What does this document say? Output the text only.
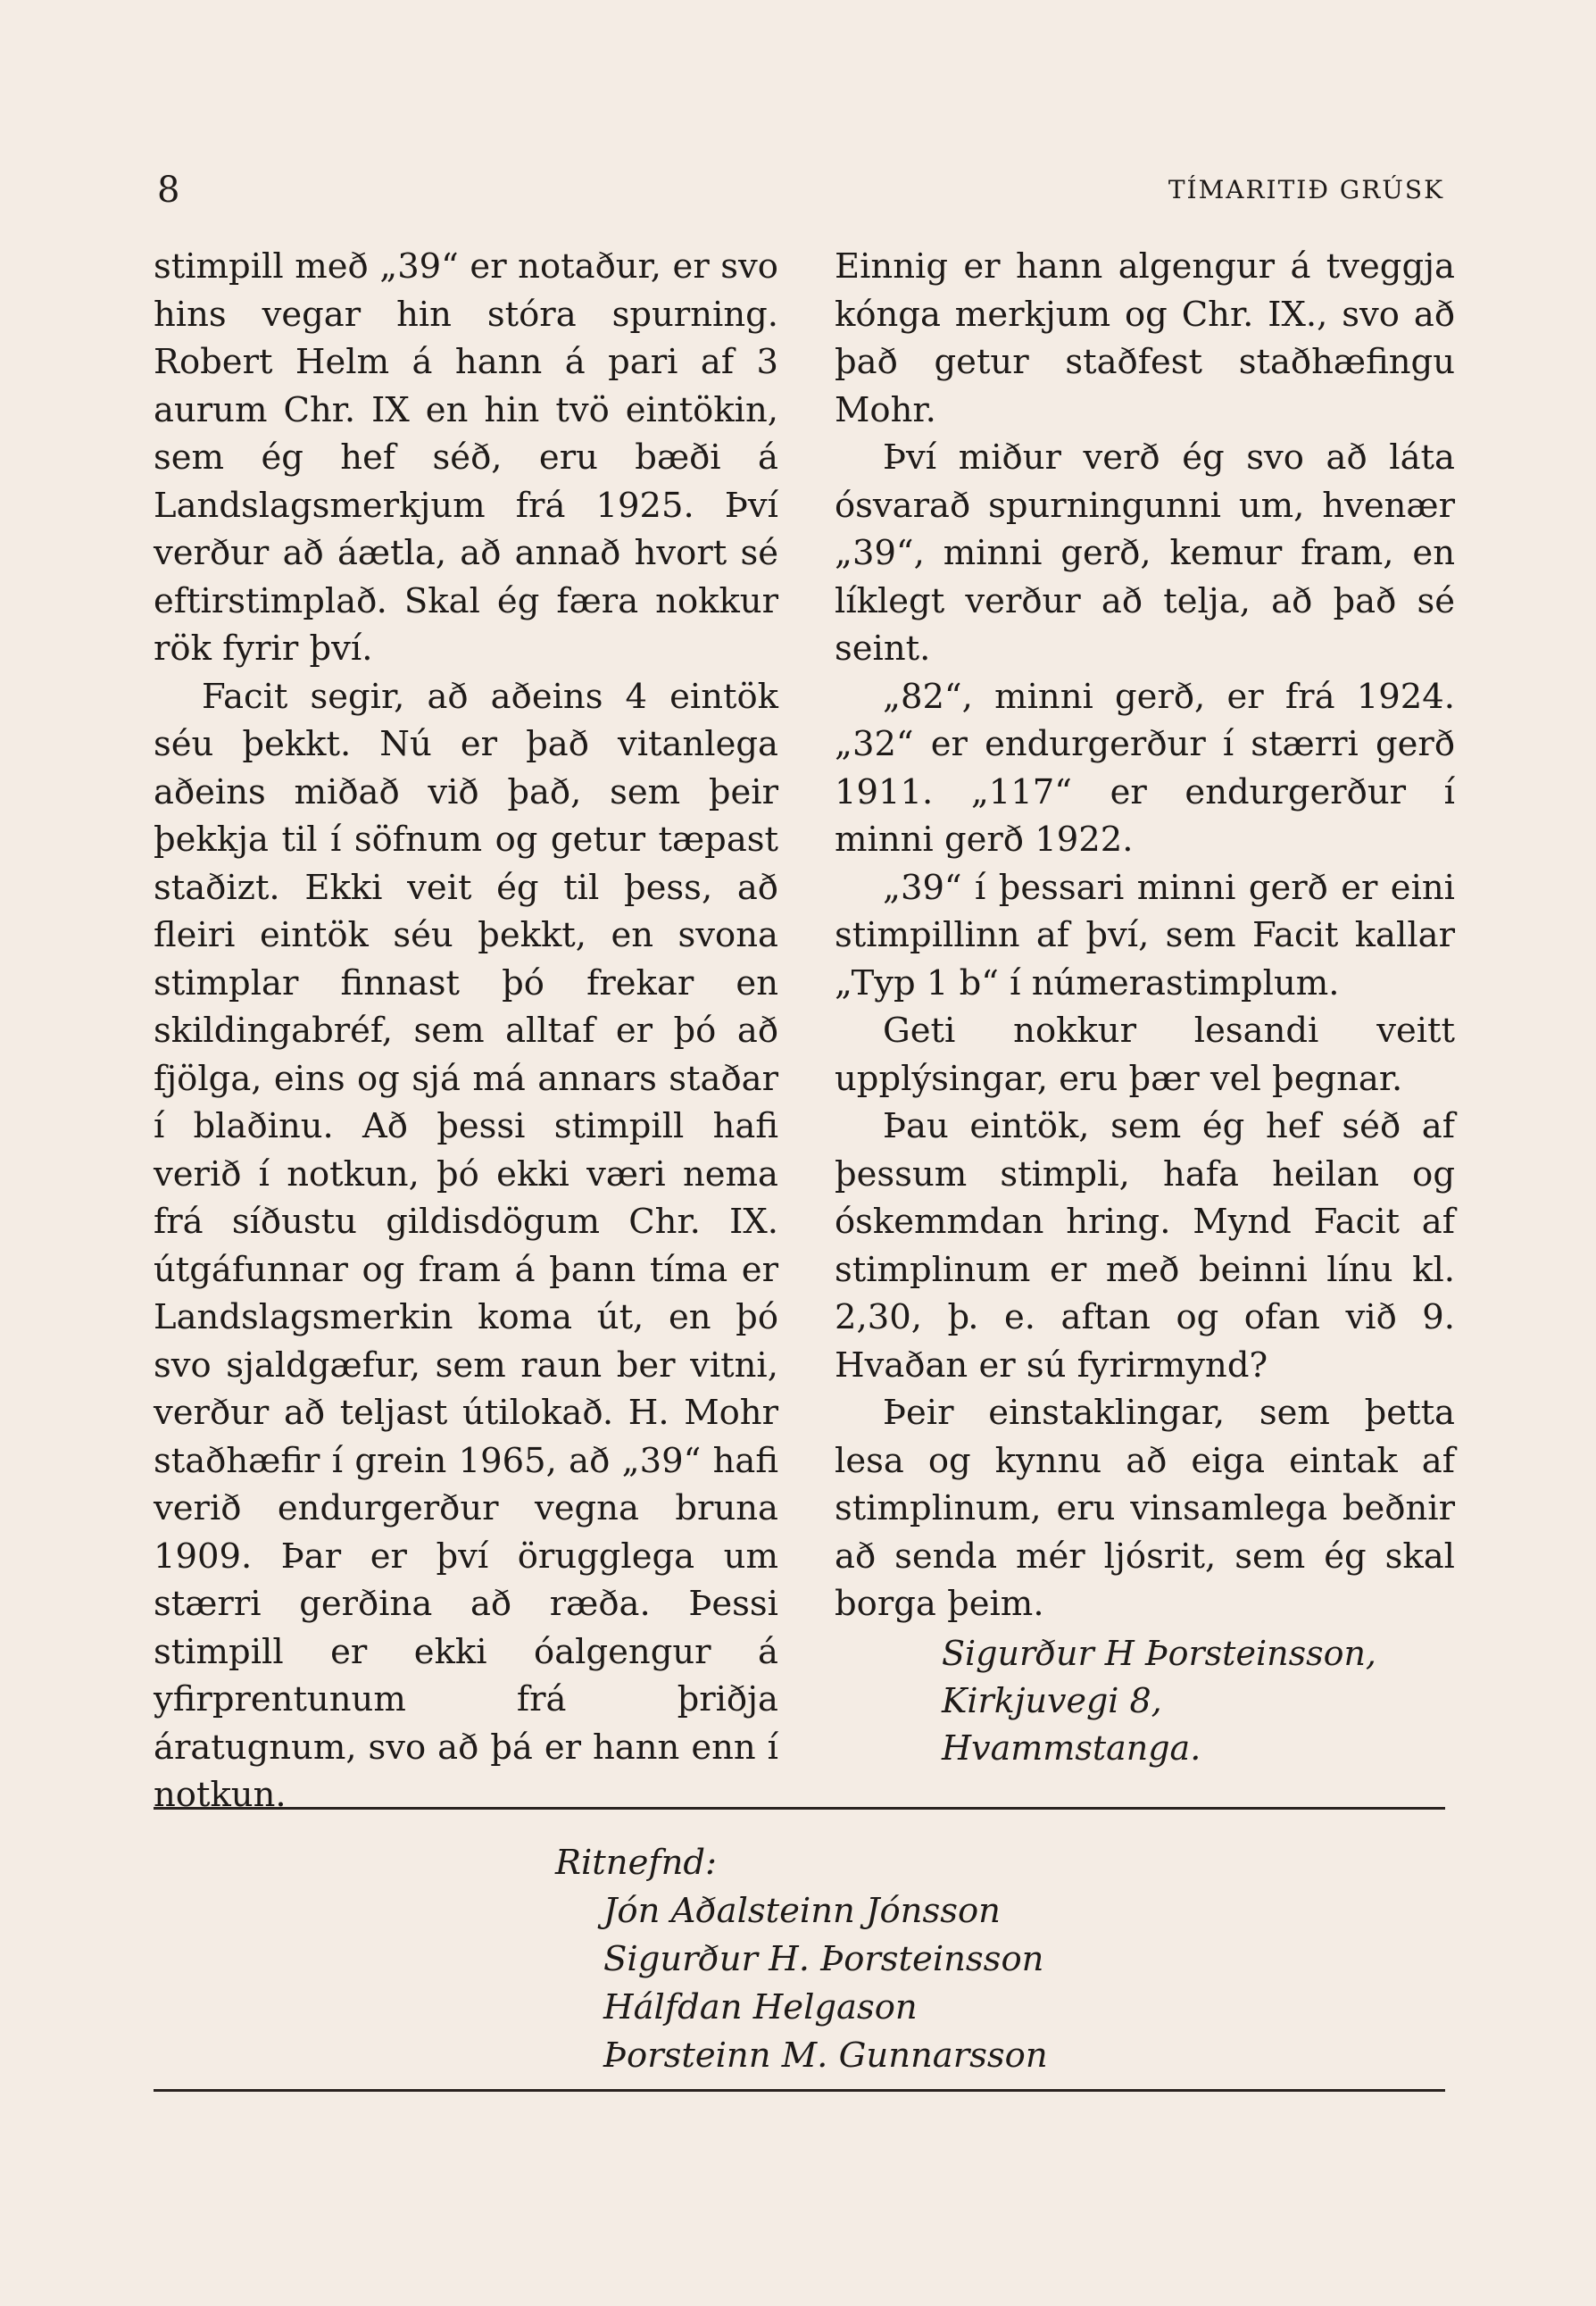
8	TÍMARITIÐ GRÚSK

stimpill með „39“ er notaður, er svo hins vegar hin stóra spurning. Robert Helm á hann á pari af 3 aurum Chr. IX en hin tvö eintökin, sem ég hef séð, eru bæði á Landslagsmerkjum frá 1925. Því verður að áætla, að annað hvort sé eftirstimplað. Skal ég færa nokkur rök fyrir því.

Facit segir, að aðeins 4 eintök séu þekkt. Nú er það vitanlega aðeins miðað við það, sem þeir þekkja til í söfnum og getur tæpast staðizt. Ekki veit ég til þess, að fleiri eintök séu þekkt, en svona stimplar finnast þó frekar en skildingabréf, sem alltaf er þó að fjölga, eins og sjá má annars staðar í blaðinu. Að þessi stimpill hafi verið í notkun, þó ekki væri nema frá síðustu gildisdögum Chr. IX. útgáfunnar og fram á þann tíma er Landslagsmerkin koma út, en þó svo sjaldgæfur, sem raun ber vitni, verður að teljast útilokað. H. Mohr staðhæfir í grein 1965, að „39“ hafi verið endurgerður vegna bruna 1909. Þar er því örugglega um stærri gerðina að ræða. Þessi stimpill er ekki óalgengur á yfirprentunum frá þriðja áratugnum, svo að þá er hann enn í notkun.

Einnig er hann algengur á tveggja kónga merkjum og Chr. IX., svo að það getur staðfest staðhæfingu Mohr.

Því miður verð ég svo að láta ósvarað spurningunni um, hvenær „39“, minni gerð, kemur fram, en líklegt verður að telja, að það sé seint.

„82“, minni gerð, er frá 1924. „32“ er endurgerður í stærri gerð 1911. „117“ er endurgerður í minni gerð 1922.

„39“ í þessari minni gerð er eini stimpillinn af því, sem Facit kallar „Typ 1 b“ í númerastimplum.

Geti nokkur lesandi veitt upplýsingar, eru þær vel þegnar.

Þau eintök, sem ég hef séð af þessum stimpli, hafa heilan og óskemmdan hring. Mynd Facit af stimplinum er með beinni línu kl. 2,30, þ. e. aftan og ofan við 9. Hvaðan er sú fyrirmynd?

Þeir einstaklingar, sem þetta lesa og kynnu að eiga eintak af stimplinum, eru vinsamlega beðnir að senda mér ljósrit, sem ég skal borga þeim.

Sigurður H Þorsteinsson,
Kirkjuvegi 8,
Hvammstanga.

Ritnefnd:

Jón Aðalsteinn Jónsson
Sigurður H. Þorsteinsson
Hálfdan Helgason
Þorsteinn M. Gunnarsson
